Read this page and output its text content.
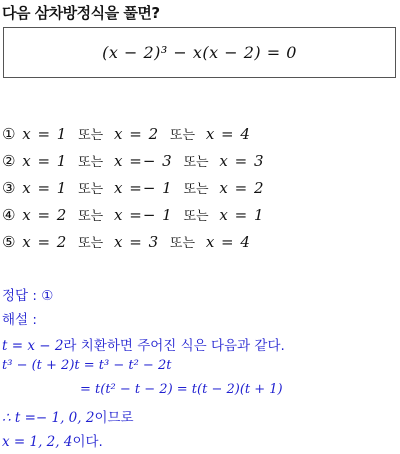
다음 삼차방정식을 풀면?
(x − 2)³ − x(x − 2) = 0
① x = 1 또는 x = 2 또는 x = 4
② x = 1 또는 x =− 3 또는 x = 3
③ x = 1 또는 x =− 1 또는 x = 2
④ x = 2 또는 x =− 1 또는 x = 1
⑤ x = 2 또는 x = 3 또는 x = 4
정답 : ①
해설 :
t = x − 2라 치환하면 주어진 식은 다음과 같다.
t³ − (t + 2)t = t³ − t² − 2t
= t(t² − t − 2) = t(t − 2)(t + 1)
∴ t =− 1, 0, 2이므로
x = 1, 2, 4이다.
